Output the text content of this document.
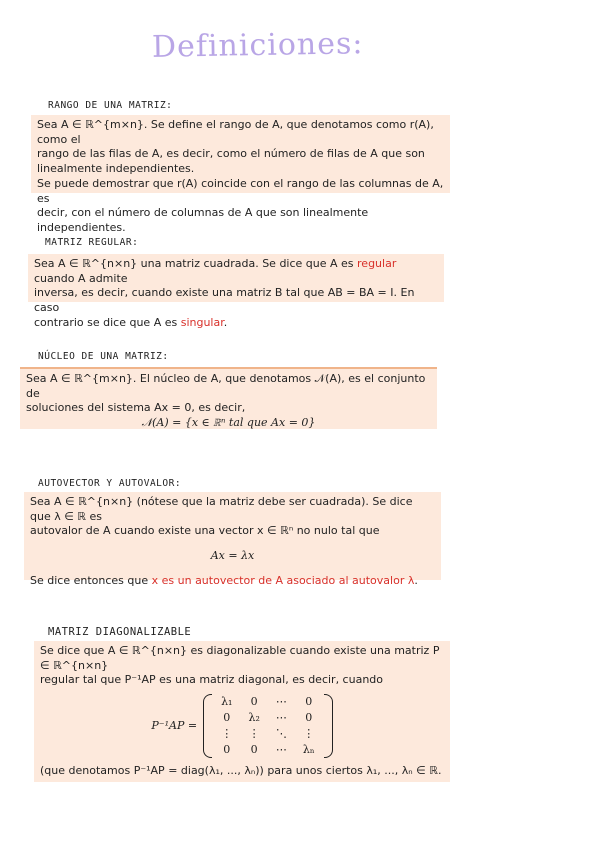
Definiciones:
RANGO DE UNA MATRIZ:

Sea A ∈ ℝ^{m×n}. Se define el rango de A, que denotamos como r(A), como el

rango de las filas de A, es decir, como el número de filas de A que son

linealmente independientes.

Se puede demostrar que r(A) coincide con el rango de las columnas de A, es

decir, con el número de columnas de A que son linealmente independientes.

MATRIZ REGULAR:

Sea A ∈ ℝ^{n×n} una matriz cuadrada. Se dice que A es regular cuando A admite

inversa, es decir, cuando existe una matriz B tal que AB = BA = I. En caso

contrario se dice que A es singular.

NÚCLEO DE UNA MATRIZ:

Sea A ∈ ℝ^{m×n}. El núcleo de A, que denotamos 𝒩(A), es el conjunto de

soluciones del sistema Ax = 0, es decir,

𝒩(A) = {x ∈ ℝⁿ tal que Ax = 0}

AUTOVECTOR Y AUTOVALOR:

Sea A ∈ ℝ^{n×n} (nótese que la matriz debe ser cuadrada). Se dice que λ ∈ ℝ es

autovalor de A cuando existe una vector x ∈ ℝⁿ no nulo tal que

Ax = λx

Se dice entonces que x es un autovector de A asociado al autovalor λ.

MATRIZ DIAGONALIZABLE

Se dice que A ∈ ℝ^{n×n} es diagonalizable cuando existe una matriz P ∈ ℝ^{n×n}

regular tal que P⁻¹AP es una matriz diagonal, es decir, cuando

P⁻¹AP =
λ₁	0	⋯	0
0	λ₂	⋯	0
⋮	⋮	⋱	⋮
0	0	⋯	λₙ

(que denotamos P⁻¹AP = diag(λ₁, ..., λₙ)) para unos ciertos λ₁, ..., λₙ ∈ ℝ.
